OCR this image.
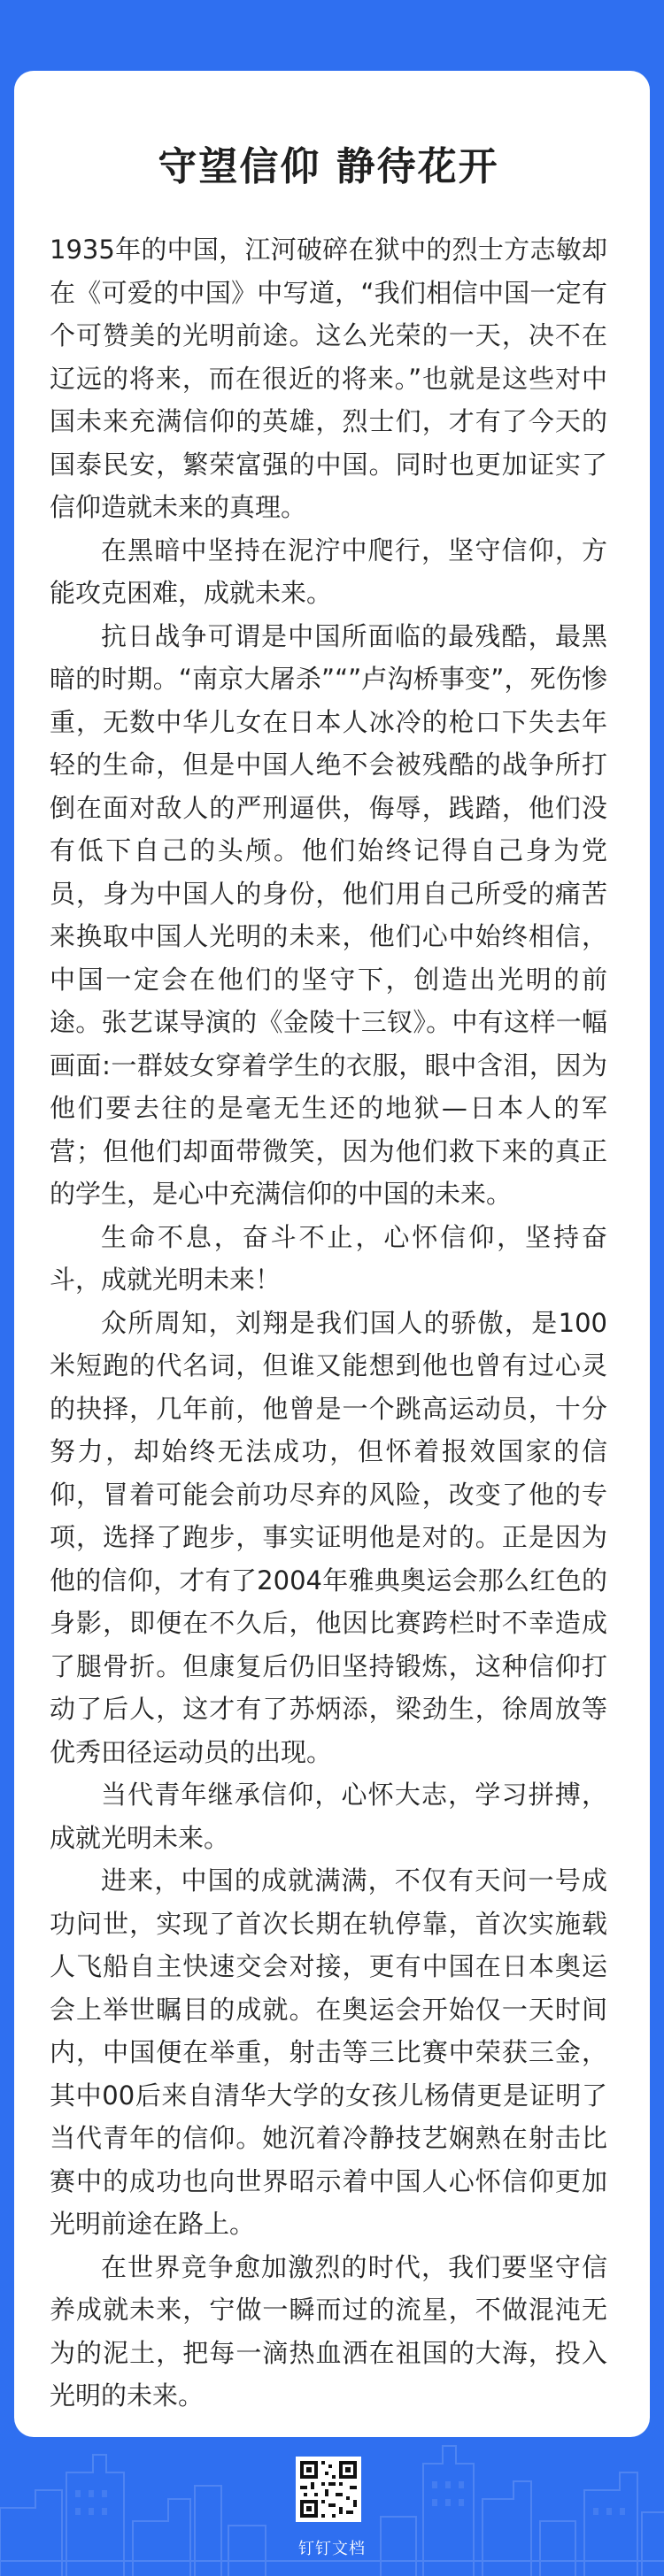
守望信仰 静待花开

1935年的中国，江河破碎在狱中的烈士方志敏却在《可爱的中国》中写道，“我们相信中国一定有个可赞美的光明前途。这么光荣的一天，决不在辽远的将来，而在很近的将来。”也就是这些对中国未来充满信仰的英雄，烈士们，才有了今天的国泰民安，繁荣富强的中国。同时也更加证实了信仰造就未来的真理。

在黑暗中坚持在泥泞中爬行，坚守信仰，方能攻克困难，成就未来。

抗日战争可谓是中国所面临的最残酷，最黑暗的时期。“南京大屠杀”“”卢沟桥事变”，死伤惨重，无数中华儿女在日本人冰冷的枪口下失去年轻的生命，但是中国人绝不会被残酷的战争所打倒在面对敌人的严刑逼供，侮辱，践踏，他们没有低下自己的头颅。他们始终记得自己身为党员，身为中国人的身份，他们用自己所受的痛苦来换取中国人光明的未来，他们心中始终相信，中国一定会在他们的坚守下，创造出光明的前途。张艺谋导演的《金陵十三钗》。中有这样一幅画面:一群妓女穿着学生的衣服，眼中含泪，因为他们要去往的是毫无生还的地狱—日本人的军营；但他们却面带微笑，因为他们救下来的真正的学生，是心中充满信仰的中国的未来。

生命不息，奋斗不止，心怀信仰，坚持奋斗，成就光明未来！

众所周知，刘翔是我们国人的骄傲，是100米短跑的代名词，但谁又能想到他也曾有过心灵的抉择，几年前，他曾是一个跳高运动员，十分努力，却始终无法成功，但怀着报效国家的信仰，冒着可能会前功尽弃的风险，改变了他的专项，选择了跑步，事实证明他是对的。正是因为他的信仰，才有了2004年雅典奥运会那么红色的身影，即便在不久后，他因比赛跨栏时不幸造成了腿骨折。但康复后仍旧坚持锻炼，这种信仰打动了后人，这才有了苏炳添，梁劲生，徐周放等优秀田径运动员的出现。

当代青年继承信仰，心怀大志，学习拼搏，成就光明未来。

进来，中国的成就满满，不仅有天问一号成功问世，实现了首次长期在轨停靠，首次实施载人飞船自主快速交会对接，更有中国在日本奥运会上举世瞩目的成就。在奥运会开始仅一天时间内，中国便在举重，射击等三比赛中荣获三金，其中00后来自清华大学的女孩儿杨倩更是证明了当代青年的信仰。她沉着冷静技艺娴熟在射击比赛中的成功也向世界昭示着中国人心怀信仰更加光明前途在路上。

在世界竞争愈加激烈的时代，我们要坚守信养成就未来，宁做一瞬而过的流星，不做混沌无为的泥土，把每一滴热血洒在祖国的大海，投入光明的未来。

钉钉文档
